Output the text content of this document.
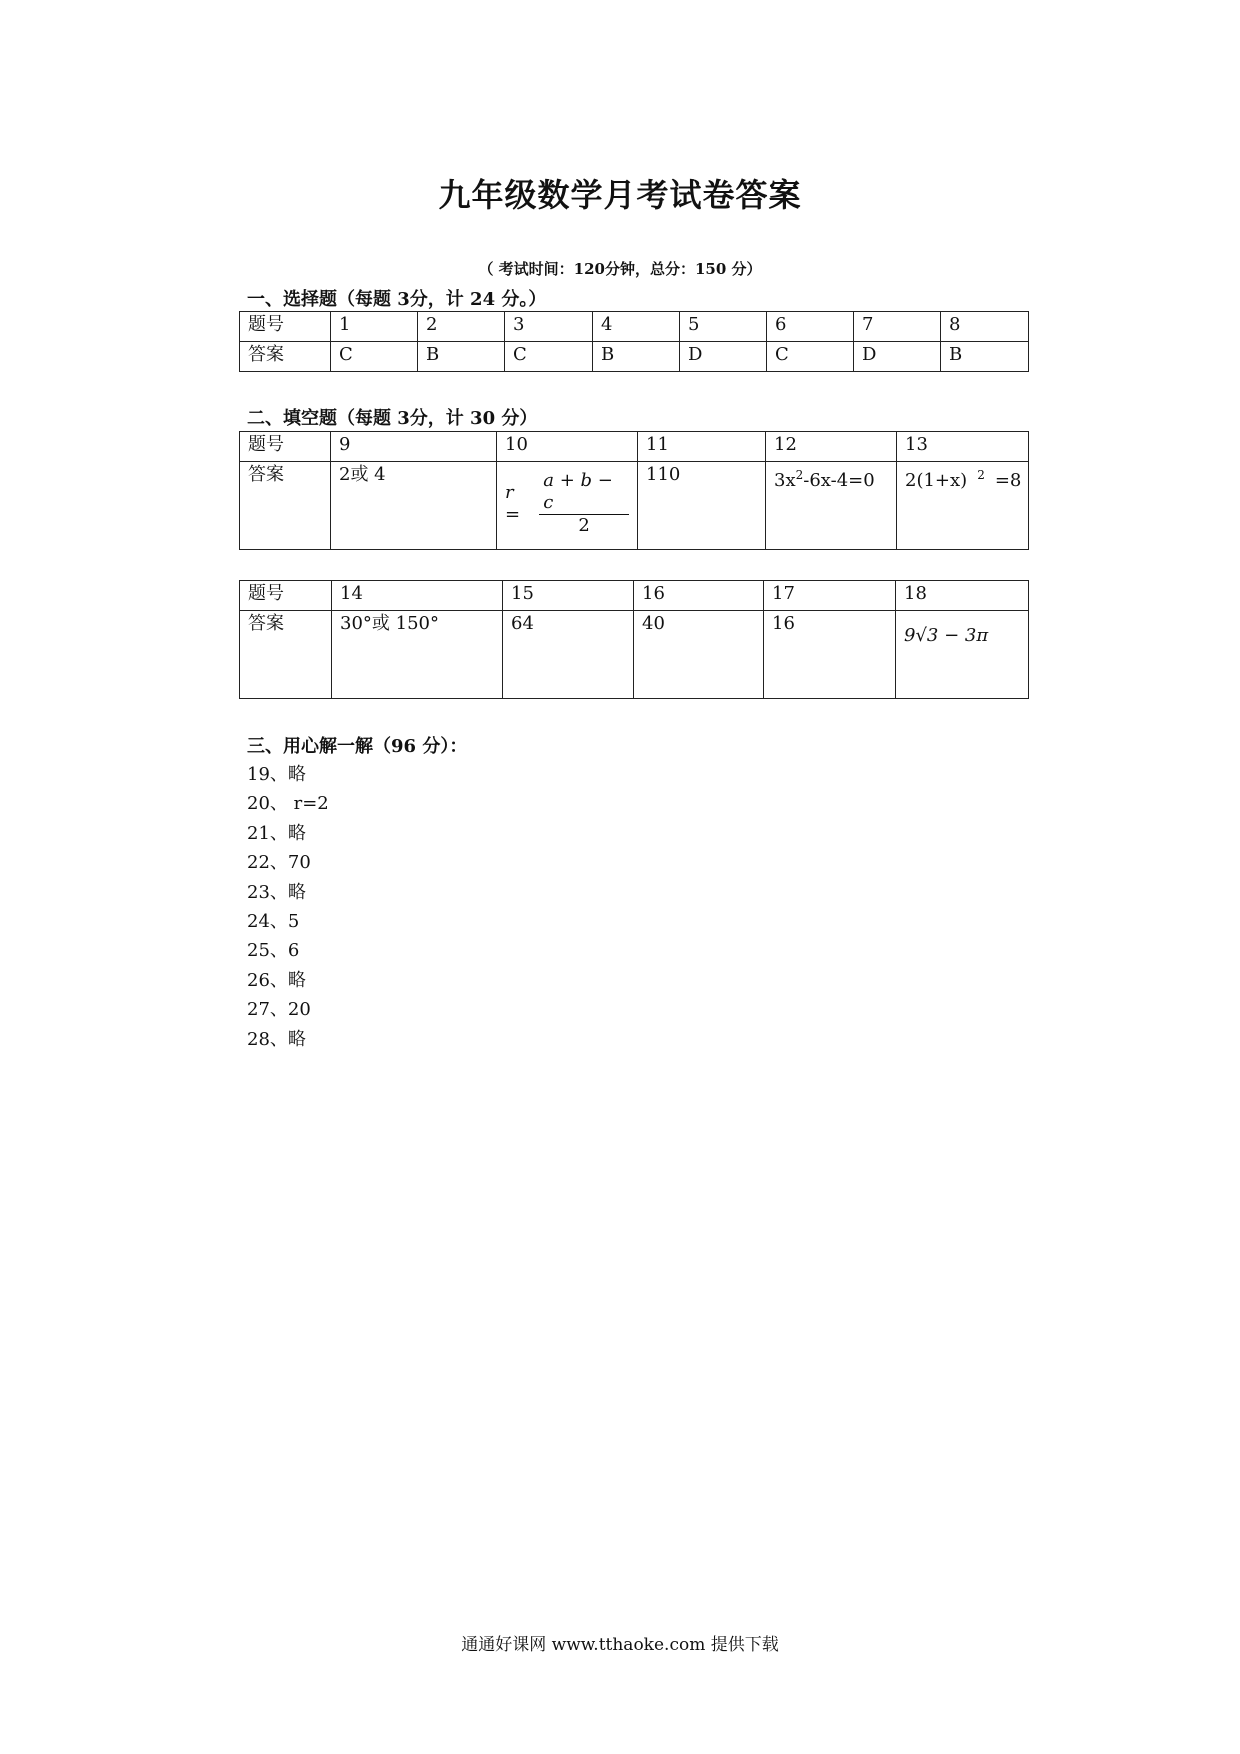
九年级数学月考试卷答案
（ 考试时间：120分钟，总分：150 分）
一、选择题（每题 3分，计 24 分。）
题号	1	2	3	4	5	6	7	8
答案	C	B	C	B	D	C	D	B
二、填空题（每题 3分，计 30 分）
题号	9	10	11	12	13
答案	2或 4	$r = \frac{a + b - c}{2}$	110	$3x^2-6x-4=0$	2(1+x) $^2$ =8
题号	14	15	16	17	18
答案	30°或 150°	64	40	16	9√3 − 3π
三、用心解一解（96 分）：
19、略
20、 r=2
21、略
22、70
23、略
24、5
25、6
26、略
27、20
28、略
通通好课网 www.tthaoke.com 提供下载
